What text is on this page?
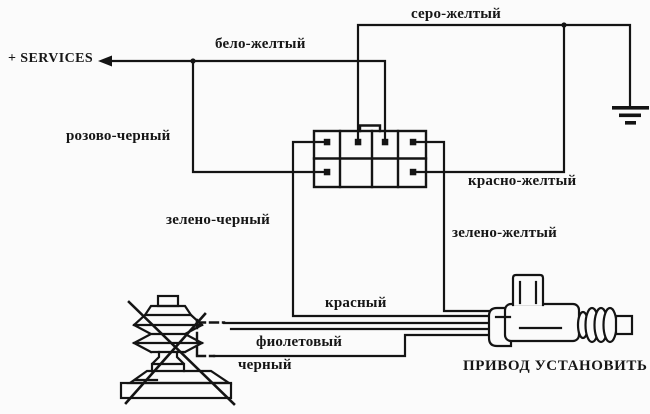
+ SERVICES
бело-желтый
серо-желтый
розово-черный
красно-желтый
зелено-черный
зелено-желтый
красный
фиолетовый
черный	ПРИВОД УСТАНОВИТЬ
